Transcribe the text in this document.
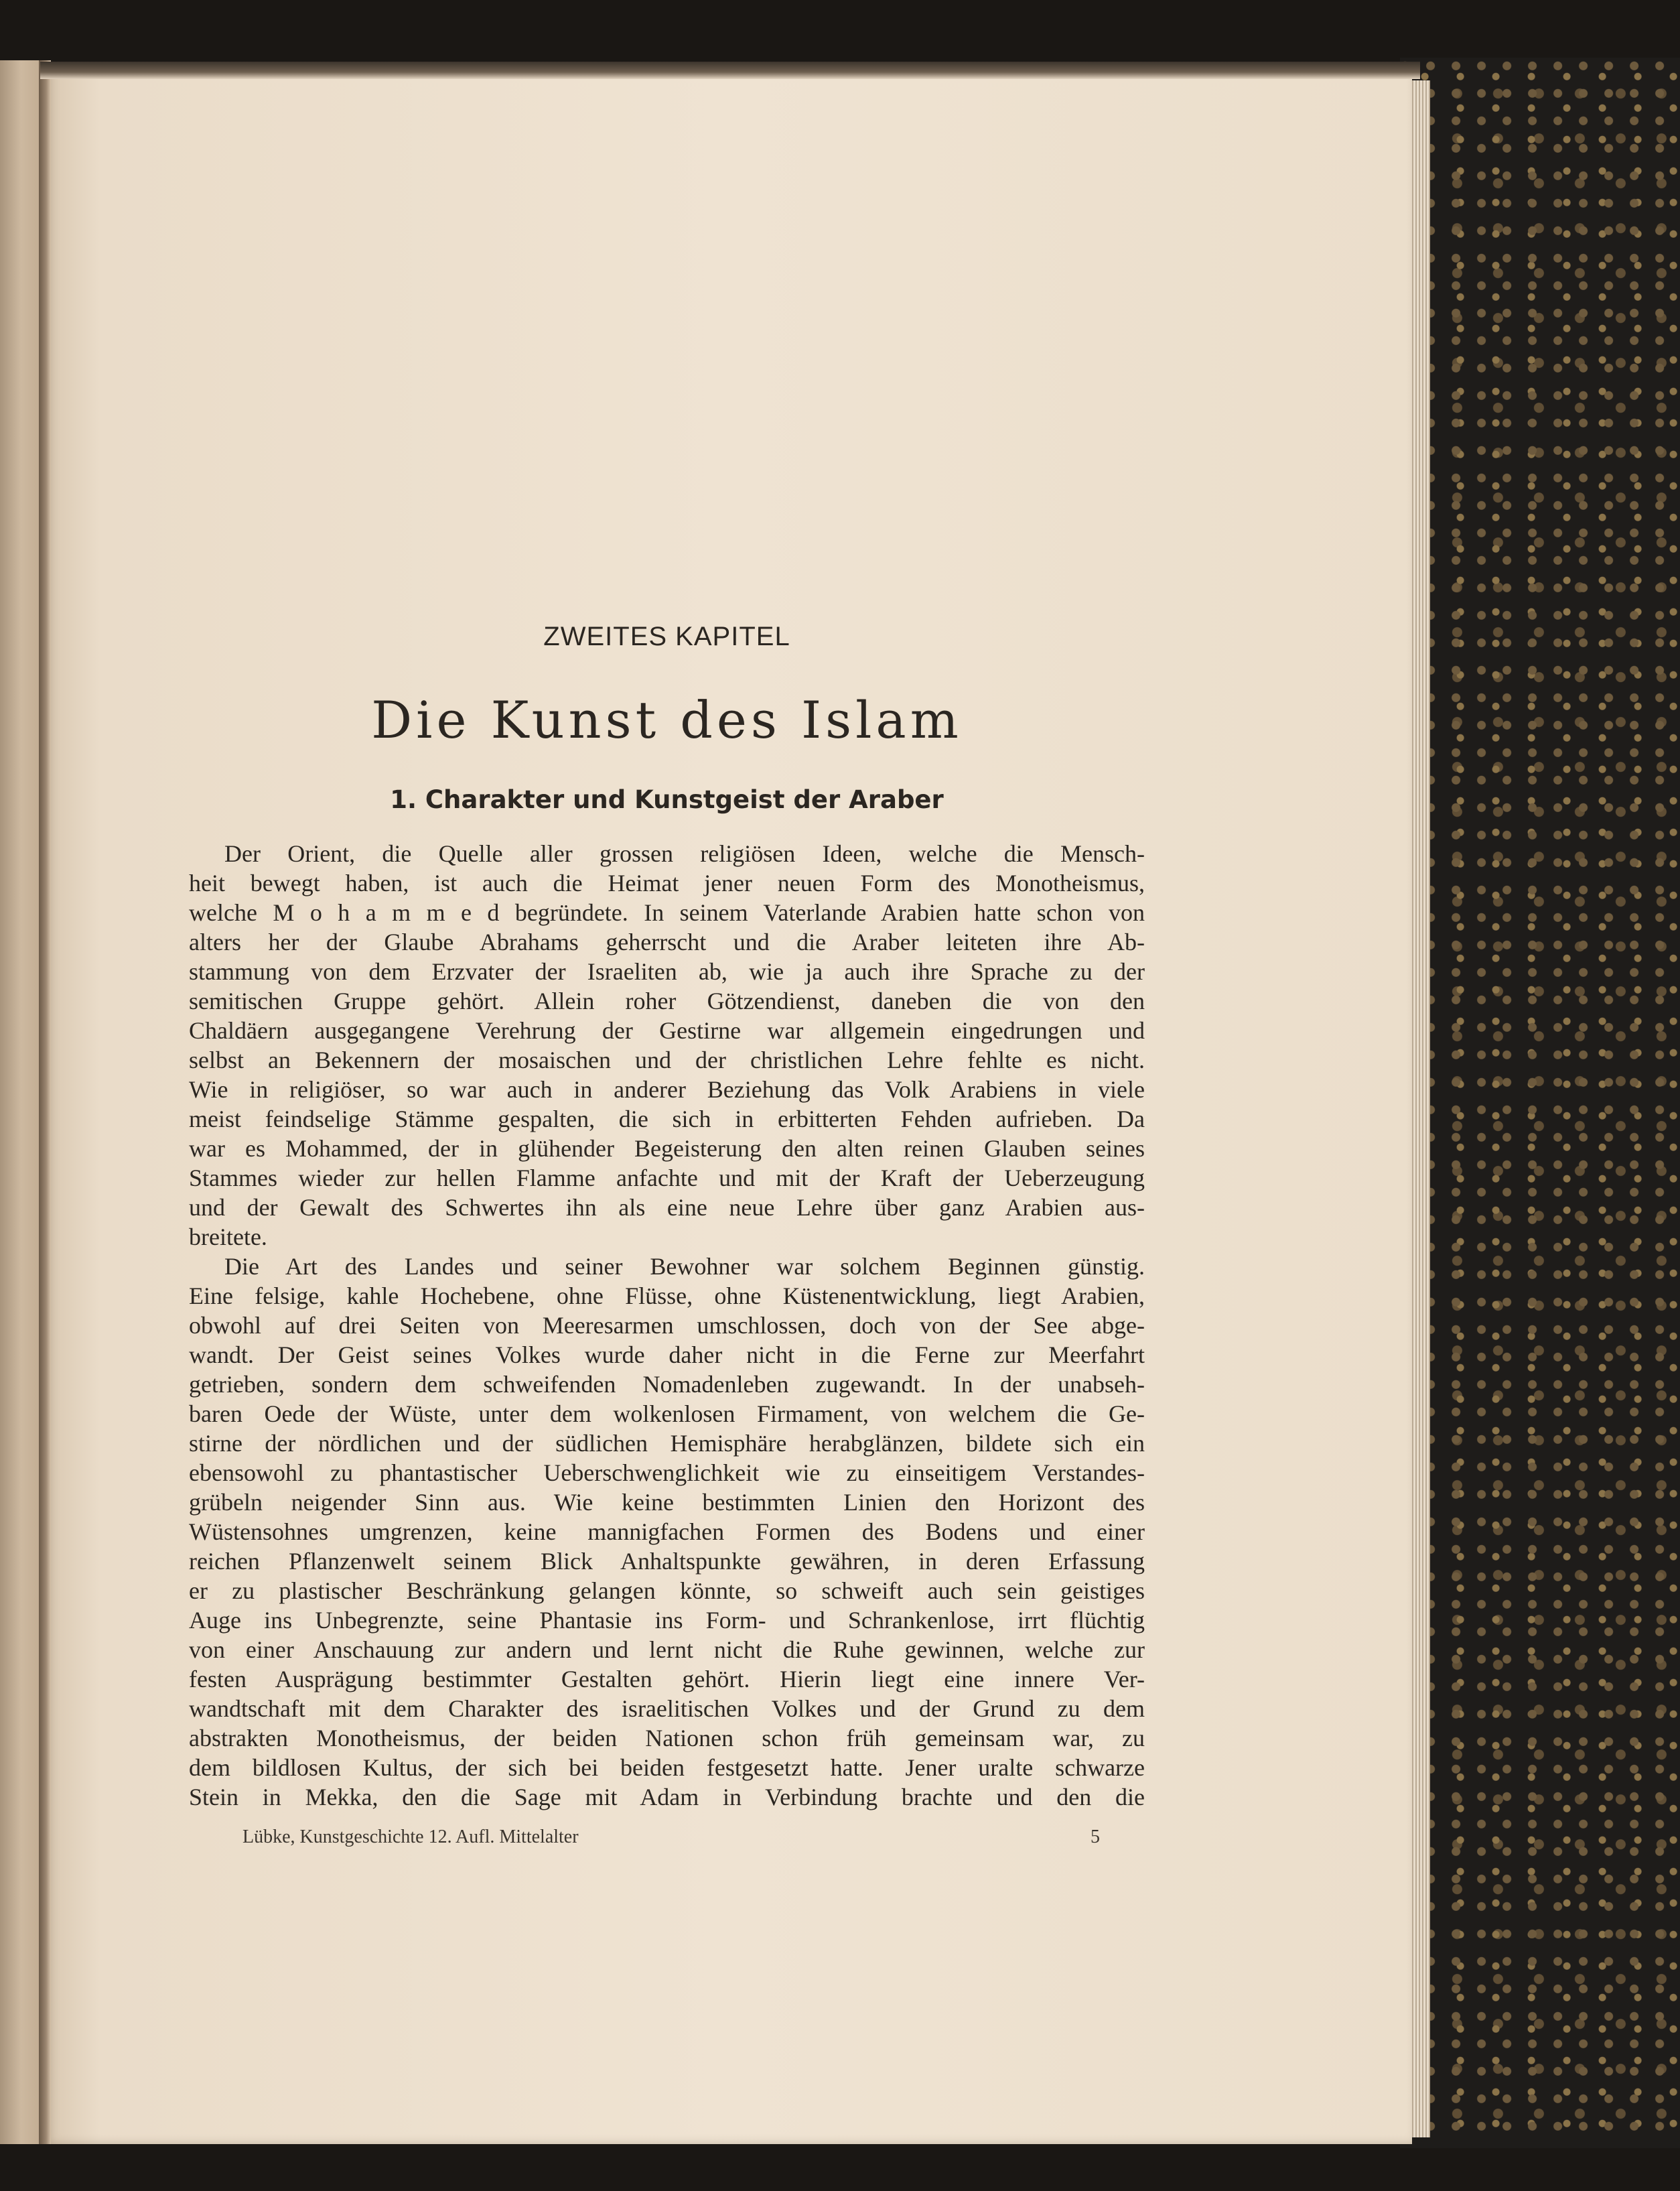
ZWEITES KAPITEL

Die Kunst des Islam
1. Charakter und Kunstgeist der Araber
Der Orient, die Quelle aller grossen religiösen Ideen, welche die Mensch-
heit bewegt haben, ist auch die Heimat jener neuen Form des Monotheismus,
welche M o h a m m e d begründete. In seinem Vaterlande Arabien hatte schon von
alters her der Glaube Abrahams geherrscht und die Araber leiteten ihre Ab-
stammung von dem Erzvater der Israeliten ab, wie ja auch ihre Sprache zu der
semitischen Gruppe gehört. Allein roher Götzendienst, daneben die von den
Chaldäern ausgegangene Verehrung der Gestirne war allgemein eingedrungen und
selbst an Bekennern der mosaischen und der christlichen Lehre fehlte es nicht.
Wie in religiöser, so war auch in anderer Beziehung das Volk Arabiens in viele
meist feindselige Stämme gespalten, die sich in erbitterten Fehden aufrieben. Da
war es Mohammed, der in glühender Begeisterung den alten reinen Glauben seines
Stammes wieder zur hellen Flamme anfachte und mit der Kraft der Ueberzeugung
und der Gewalt des Schwertes ihn als eine neue Lehre über ganz Arabien aus-
breitete.
Die Art des Landes und seiner Bewohner war solchem Beginnen günstig.
Eine felsige, kahle Hochebene, ohne Flüsse, ohne Küstenentwicklung, liegt Arabien,
obwohl auf drei Seiten von Meeresarmen umschlossen, doch von der See abge-
wandt. Der Geist seines Volkes wurde daher nicht in die Ferne zur Meerfahrt
getrieben, sondern dem schweifenden Nomadenleben zugewandt. In der unabseh-
baren Oede der Wüste, unter dem wolkenlosen Firmament, von welchem die Ge-
stirne der nördlichen und der südlichen Hemisphäre herabglänzen, bildete sich ein
ebensowohl zu phantastischer Ueberschwenglichkeit wie zu einseitigem Verstandes-
grübeln neigender Sinn aus. Wie keine bestimmten Linien den Horizont des
Wüstensohnes umgrenzen, keine mannigfachen Formen des Bodens und einer
reichen Pflanzenwelt seinem Blick Anhaltspunkte gewähren, in deren Erfassung
er zu plastischer Beschränkung gelangen könnte, so schweift auch sein geistiges
Auge ins Unbegrenzte, seine Phantasie ins Form- und Schrankenlose, irrt flüchtig
von einer Anschauung zur andern und lernt nicht die Ruhe gewinnen, welche zur
festen Ausprägung bestimmter Gestalten gehört. Hierin liegt eine innere Ver-
wandtschaft mit dem Charakter des israelitischen Volkes und der Grund zu dem
abstrakten Monotheismus, der beiden Nationen schon früh gemeinsam war, zu
dem bildlosen Kultus, der sich bei beiden festgesetzt hatte. Jener uralte schwarze
Stein in Mekka, den die Sage mit Adam in Verbindung brachte und den die
Lübke, Kunstgeschichte 12. Aufl. Mittelalter	5
